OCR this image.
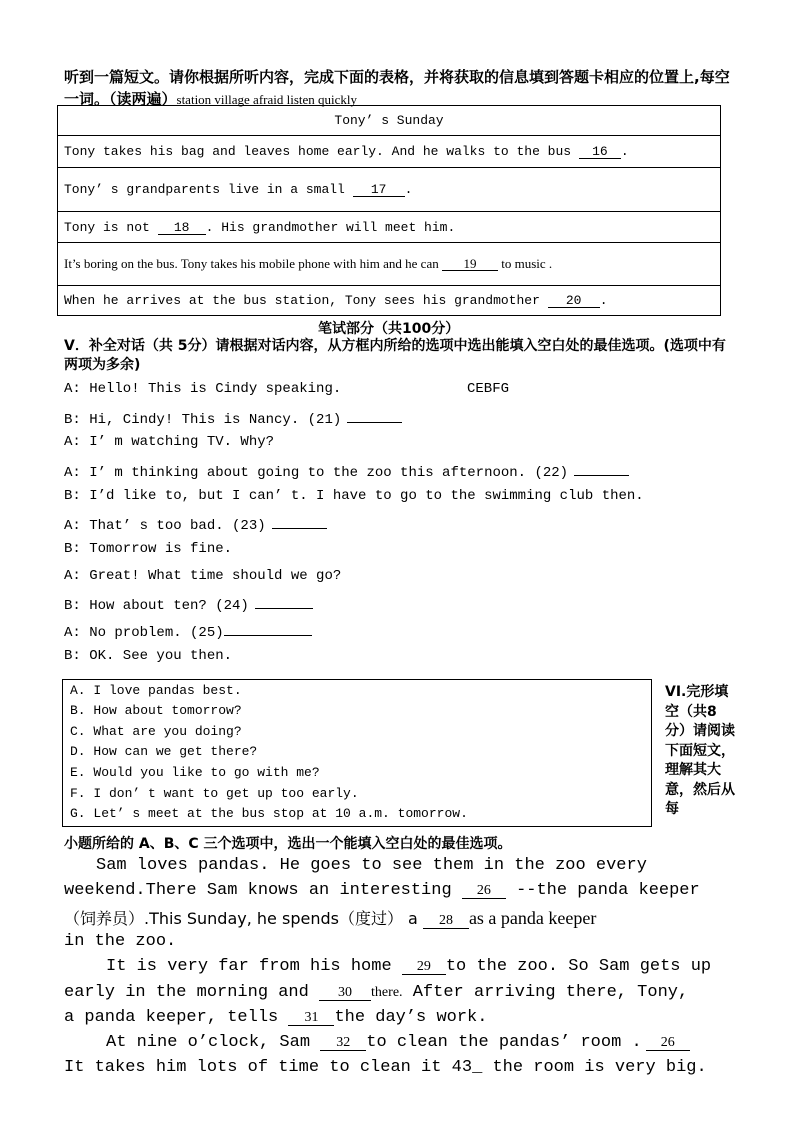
听到一篇短文。请你根据所听内容，完成下面的表格，并将获取的信息填到答题卡相应的位置上,每空一词。（读两遍）station village afraid listen quickly
Tony’ s Sunday
Tony takes his bag and leaves home early. And he walks to the bus 16 .
Tony’ s grandparents live in a small 17 .
Tony is not 18 . His grandmother will meet him.
It’s boring on the bus. Tony takes his mobile phone with him and he can 19 to music .
When he arrives at the bus station, Tony sees his grandmother 20 .
笔试部分（共100分）
V．补全对话（共 5分）请根据对话内容，从方框内所给的选项中选出能填入空白处的最佳选项。(选项中有两项为多余)
A: Hello! This is Cindy speaking.	CEBFG
B: Hi, Cindy! This is Nancy. (21)
A: I’ m watching TV. Why?
A: I’ m thinking about going to the zoo this afternoon. (22)
B: I’d like to, but I can’ t. I have to go to the swimming club then.
A: That’ s too bad. (23)
B: Tomorrow is fine.
A: Great! What time should we go?
B: How about ten? (24)
A: No problem. (25)
B: OK. See you then.
A. I love pandas best.
B. How about tomorrow?
C. What are you doing?
D. How can we get there?
E. Would you like to go with me?
F. I don’ t want to get up too early.
G. Let’ s meet at the bus stop at 10 a.m. tomorrow.
VI.完形填空（共8分）请阅读下面短文，理解其大意，然后从每
小题所给的 A、B、C 三个选项中，选出一个能填入空白处的最佳选项。
Sam loves pandas. He goes to see them in the zoo every
weekend.There Sam knows an interesting 26 --the panda keeper
（饲养员）.This Sunday, he spends（度过） a 28 as a panda keeper
in the zoo.
It is very far from his home 29 to the zoo. So Sam gets up
early in the morning and 30 there. After arriving there, Tony,
a panda keeper, tells 31 the day’s work.
At nine o’clock, Sam 32 to clean the pandas’ room . 26
It takes him lots of time to clean it 43_ the room is very big.
